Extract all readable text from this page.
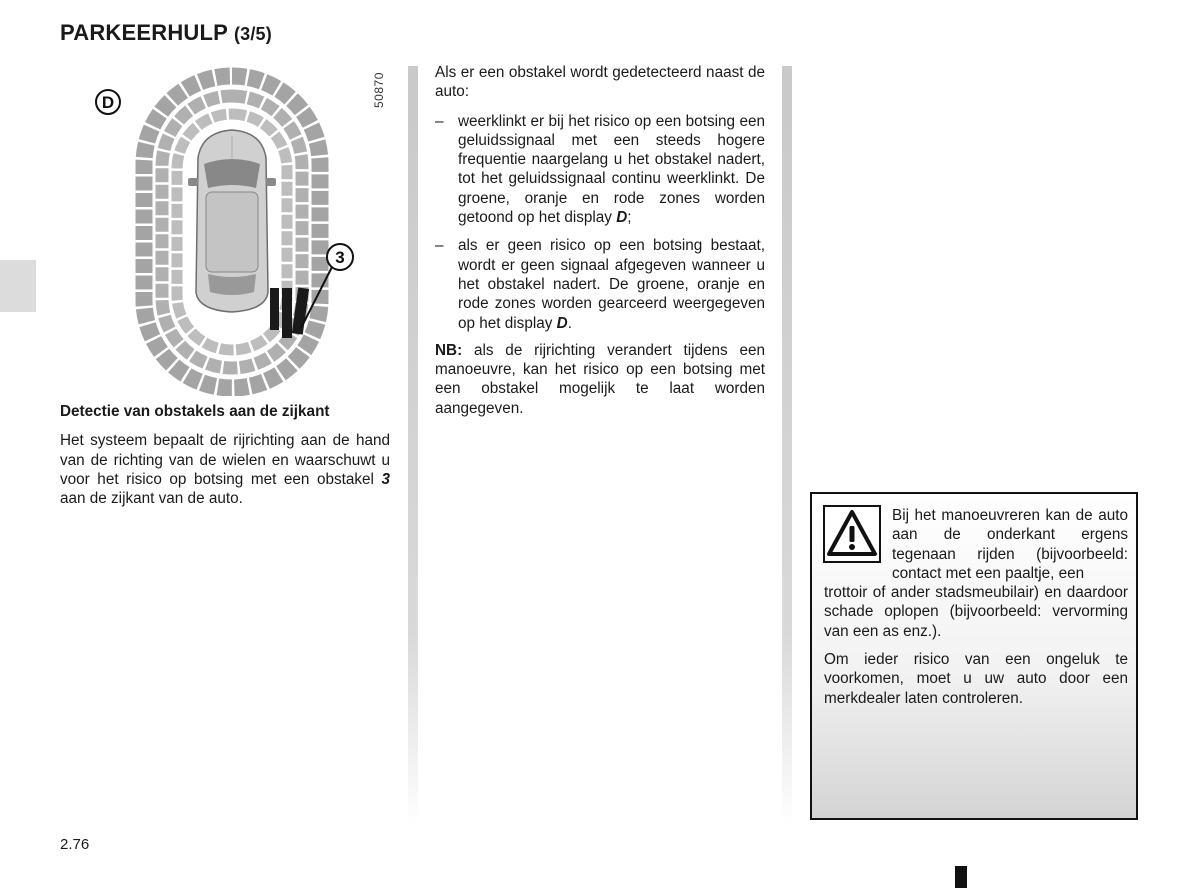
PARKEERHULP (3/5)
D
3
50870

Detectie van obstakels aan de zijkant

Het systeem bepaalt de rijrichting aan de hand van de richting van de wielen en waarschuwt u voor het risico op botsing met een obstakel 3 aan de zijkant van de auto.

Als er een obstakel wordt gedetecteerd naast de auto:

– weerklinkt er bij het risico op een botsing een geluidssignaal met een steeds hogere frequentie naargelang u het obstakel nadert, tot het geluidssignaal continu weerklinkt. De groene, oranje en rode zones worden getoond op het display D;
– als er geen risico op een botsing bestaat, wordt er geen signaal afgegeven wanneer u het obstakel nadert. De groene, oranje en rode zones worden gearceerd weergegeven op het display D.

NB: als de rijrichting verandert tijdens een manoeuvre, kan het risico op een botsing met een obstakel mogelijk te laat worden aangegeven.

Bij het manoeuvreren kan de auto aan de onderkant ergens tegenaan rijden (bijvoorbeeld: contact met een paaltje, een

trottoir of ander stadsmeubilair) en daardoor schade oplopen (bijvoorbeeld: vervorming van een as enz.).

Om ieder risico van een ongeluk te voorkomen, moet u uw auto door een merkdealer laten controleren.

2.76
